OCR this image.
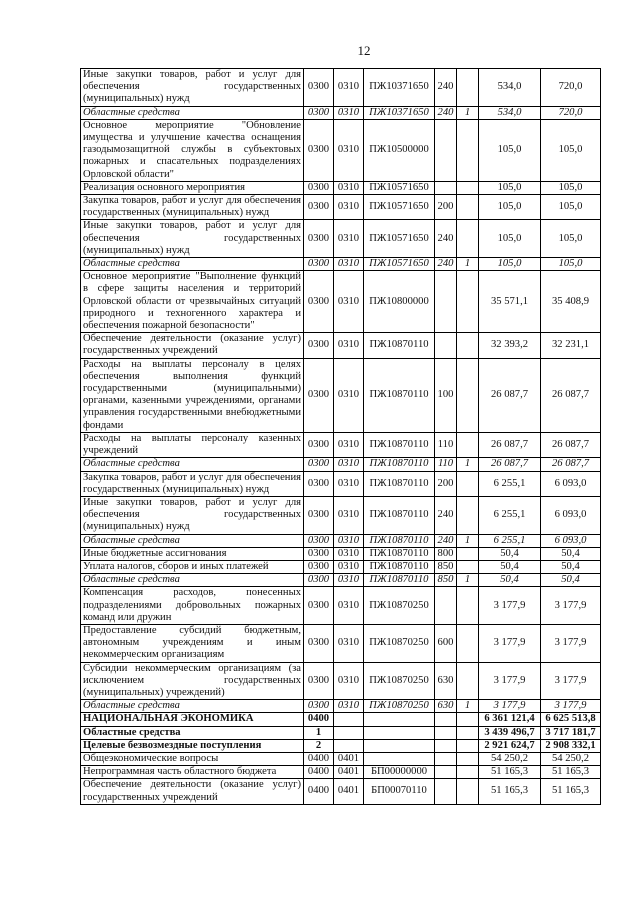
12
Иные закупки товаров, работ и услуг для обеспечения государственных (муниципальных) нужд	0300	0310	ПЖ10371650	240		534,0	720,0
Областные средства	0300	0310	ПЖ10371650	240	1	534,0	720,0
Основное мероприятие "Обновление имущества и улучшение качества оснащения газодымозащитной службы в субъектовых пожарных и спасательных подразделениях Орловской области"	0300	0310	ПЖ10500000			105,0	105,0
Реализация основного мероприятия	0300	0310	ПЖ10571650			105,0	105,0
Закупка товаров, работ и услуг для обеспечения государственных (муниципальных) нужд	0300	0310	ПЖ10571650	200		105,0	105,0
Иные закупки товаров, работ и услуг для обеспечения государственных (муниципальных) нужд	0300	0310	ПЖ10571650	240		105,0	105,0
Областные средства	0300	0310	ПЖ10571650	240	1	105,0	105,0
Основное мероприятие "Выполнение функций в сфере защиты населения и территорий Орловской области от чрезвычайных ситуаций природного и техногенного характера и обеспечения пожарной безопасности"	0300	0310	ПЖ10800000			35 571,1	35 408,9
Обеспечение деятельности (оказание услуг) государственных учреждений	0300	0310	ПЖ10870110			32 393,2	32 231,1
Расходы на выплаты персоналу в целях обеспечения выполнения функций государственными (муниципальными) органами, казенными учреждениями, органами управления государственными внебюджетными фондами	0300	0310	ПЖ10870110	100		26 087,7	26 087,7
Расходы на выплаты персоналу казенных учреждений	0300	0310	ПЖ10870110	110		26 087,7	26 087,7
Областные средства	0300	0310	ПЖ10870110	110	1	26 087,7	26 087,7
Закупка товаров, работ и услуг для обеспечения государственных (муниципальных) нужд	0300	0310	ПЖ10870110	200		6 255,1	6 093,0
Иные закупки товаров, работ и услуг для обеспечения государственных (муниципальных) нужд	0300	0310	ПЖ10870110	240		6 255,1	6 093,0
Областные средства	0300	0310	ПЖ10870110	240	1	6 255,1	6 093,0
Иные бюджетные ассигнования	0300	0310	ПЖ10870110	800		50,4	50,4
Уплата налогов, сборов и иных платежей	0300	0310	ПЖ10870110	850		50,4	50,4
Областные средства	0300	0310	ПЖ10870110	850	1	50,4	50,4
Компенсация расходов, понесенных подразделениями добровольных пожарных команд или дружин	0300	0310	ПЖ10870250			3 177,9	3 177,9
Предоставление субсидий бюджетным, автономным учреждениям и иным некоммерческим организациям	0300	0310	ПЖ10870250	600		3 177,9	3 177,9
Субсидии некоммерческим организациям (за исключением государственных (муниципальных) учреждений)	0300	0310	ПЖ10870250	630		3 177,9	3 177,9
Областные средства	0300	0310	ПЖ10870250	630	1	3 177,9	3 177,9
НАЦИОНАЛЬНАЯ ЭКОНОМИКА	0400					6 361 121,4	6 625 513,8
Областные средства	1					3 439 496,7	3 717 181,7
Целевые безвозмездные поступления	2					2 921 624,7	2 908 332,1
Общеэкономические вопросы	0400	0401				54 250,2	54 250,2
Непрограммная часть областного бюджета	0400	0401	БП00000000			51 165,3	51 165,3
Обеспечение деятельности (оказание услуг) государственных учреждений	0400	0401	БП00070110			51 165,3	51 165,3
